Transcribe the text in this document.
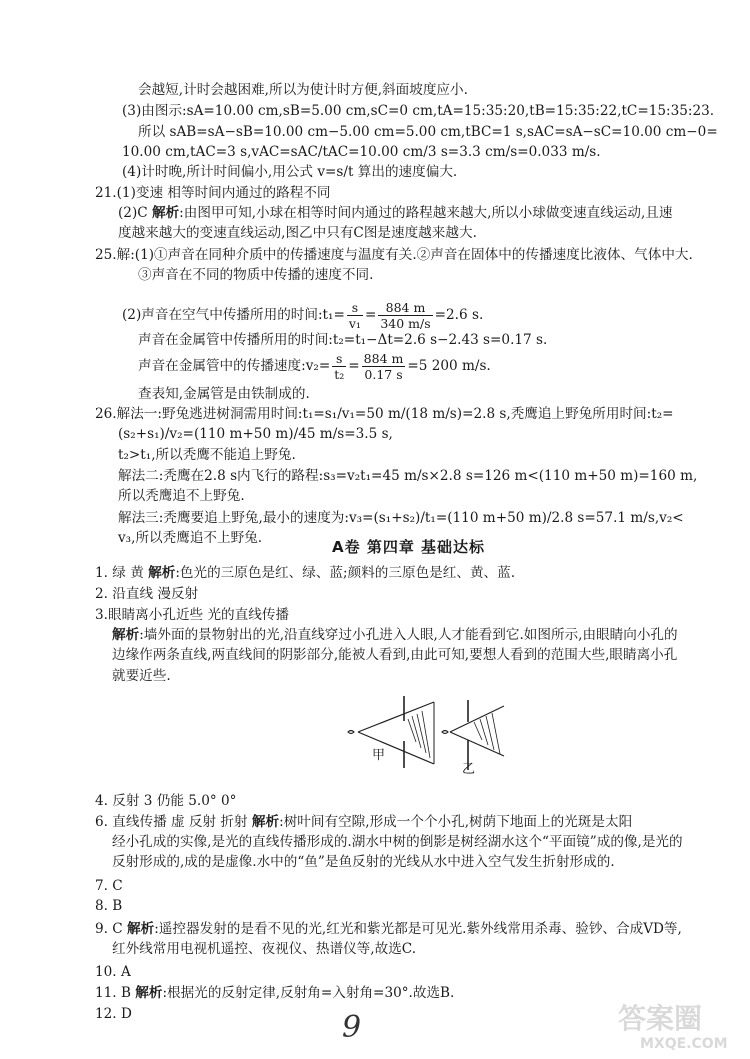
会越短,计时会越困难,所以为使计时方便,斜面坡度应小.
(3)由图示:sA=10.00 cm,sB=5.00 cm,sC=0 cm,tA=15:35:20,tB=15:35:22,tC=15:35:23.
所以 sAB=sA−sB=10.00 cm−5.00 cm=5.00 cm,tBC=1 s,sAC=sA−sC=10.00 cm−0=
10.00 cm,tAC=3 s,vAC=sAC/tAC=10.00 cm/3 s=3.3 cm/s=0.033 m/s.
(4)计时晚,所计时间偏小,用公式 v=s/t 算出的速度偏大.
21.(1)变速 相等时间内通过的路程不同
(2)C 解析:由图甲可知,小球在相等时间内通过的路程越来越大,所以小球做变速直线运动,且速
度越来越大的变速直线运动,图乙中只有C图是速度越来越大.
25.解:(1)①声音在同种介质中的传播速度与温度有关.②声音在固体中的传播速度比液体、气体中大.
③声音在不同的物质中传播的速度不同.
(2)声音在空气中传播所用的时间:t₁= $\frac{s}{\text{v₁}} = \frac{884 m}{340 m/s} =2.6$ s.
声音在金属管中传播所用的时间:t₂=t₁−Δt=2.6 s−2.43 s=0.17 s.
声音在金属管中的传播速度:v₂= $\frac{s}{\text{t₂}} = \frac{884 m}{0.17 s} =5$ 200 m/s.
查表知,金属管是由铁制成的.
26.解法一:野兔逃进树洞需用时间:t₁=s₁/v₁=50 m/(18 m/s)=2.8 s,秃鹰追上野兔所用时间:t₂=
(s₂+s₁)/v₂=(110 m+50 m)/45 m/s=3.5 s,
t₂>t₁,所以秃鹰不能追上野兔.
解法二:秃鹰在2.8 s内飞行的路程:s₃=v₂t₁=45 m/s×2.8 s=126 m<(110 m+50 m)=160 m,
所以秃鹰追不上野兔.
解法三:秃鹰要追上野兔,最小的速度为:v₃=(s₁+s₂)/t₁=(110 m+50 m)/2.8 s=57.1 m/s,v₂<
v₃,所以秃鹰追不上野兔.	A卷 第四章 基础达标
1. 绿 黄 解析:色光的三原色是红、绿、蓝;颜料的三原色是红、黄、蓝.
2. 沿直线 漫反射
3.眼睛离小孔近些 光的直线传播
解析:墙外面的景物射出的光,沿直线穿过小孔进入人眼,人才能看到它.如图所示,由眼睛向小孔的
边缘作两条直线,两直线间的阴影部分,能被人看到,由此可知,要想人看到的范围大些,眼睛离小孔
就要近些.
甲
乙
4. 反射 3 仍能 5.0° 0°
6. 直线传播 虚 反射 折射 解析:树叶间有空隙,形成一个个小孔,树荫下地面上的光斑是太阳
经小孔成的实像,是光的直线传播形成的.湖水中树的倒影是树经湖水这个“平面镜”成的像,是光的
反射形成的,成的是虚像.水中的“鱼”是鱼反射的光线从水中进入空气发生折射形成的.
7. C
8. B
9. C 解析:遥控器发射的是看不见的光,红光和紫光都是可见光.紫外线常用杀毒、验钞、合成VD等,
红外线常用电视机遥控、夜视仪、热谱仪等,故选C.
10. A
11. B 解析:根据光的反射定律,反射角=入射角=30°.故选B.
12. D	9	答案圈
MXQE.COM
